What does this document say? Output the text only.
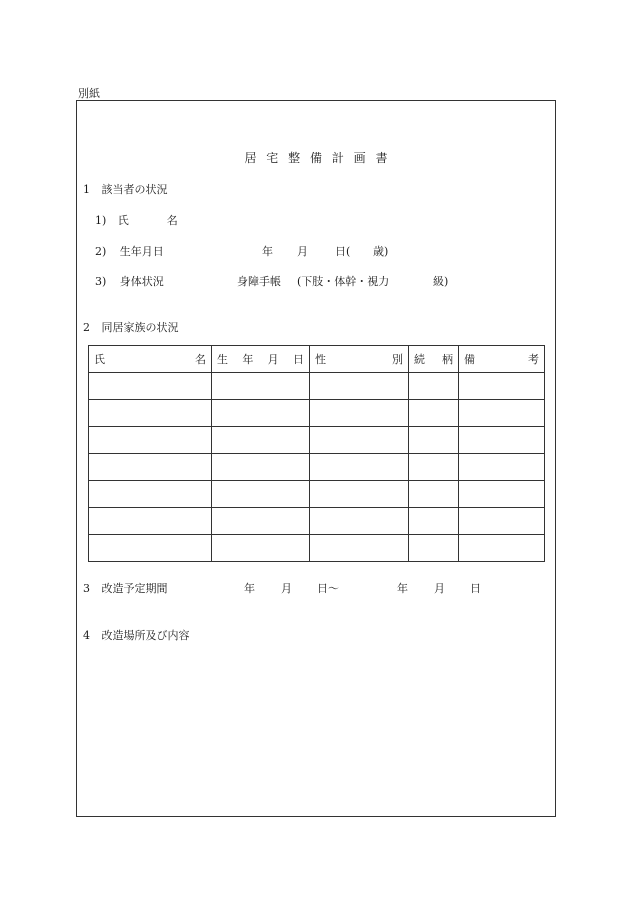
別紙
居 宅 整 備 計 画 書
1 該当者の状況
1) 氏	名
2) 生年月日	年 月 日( 歳)
3) 身体状況	身障手帳 (下肢・体幹・視力	級)
2 同居家族の状況
氏 名	生 年 月 日	性 別	続 柄	備 考

3 改造予定期間	年 月 日〜	年 月 日
4 改造場所及び内容
